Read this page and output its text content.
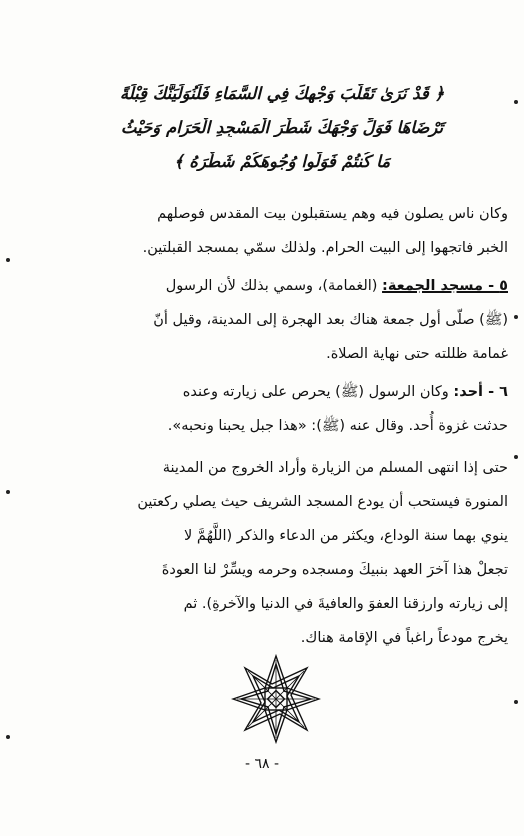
﴿ قَدْ نَرَىٰ تَقَلُّبَ وَجْهِكَ فِي السَّمَاءِ فَلَنُوَلِّيَنَّكَ قِبْلَةً
تَرْضَاهَا فَوَلِّ وَجْهَكَ شَطْرَ الْمَسْجِدِ الْحَرَامِ وَحَيْثُ
مَا كُنتُمْ فَوَلُّوا وُجُوهَكُمْ شَطْرَهُ ﴾
وكان ناس يصلون فيه وهم يستقبلون بيت المقدس فوصلهم
الخبر فاتجهوا إلى البيت الحرام. ولذلك سمّي بمسجد القبلتين.
٥ - مسجد الجمعة: (الغمامة)، وسمي بذلك لأن الرسول
(ﷺ) صلّى أول جمعة هناك بعد الهجرة إلى المدينة، وقيل أنّ
غمامة ظللته حتى نهاية الصلاة.
٦ - أحد: وكان الرسول (ﷺ) يحرص على زيارته وعنده
حدثت غزوة أُحد. وقال عنه (ﷺ): «هذا جبل يحبنا ونحبه».
حتى إذا انتهى المسلم من الزيارة وأراد الخروج من المدينة
المنورة فيستحب أن يودع المسجد الشريف حيث يصلي ركعتين
ينوي بهما سنة الوداع، ويكثر من الدعاء والذكر (اللَّهُمَّ لا
تجعلْ هذا آخرَ العهد بنبيكَ ومسجده وحرمه ويسِّرْ لنا العودةَ
إلى زيارته وارزقنا العفوَ والعافيةَ في الدنيا والآخرةِ). ثم
يخرج مودعاً راغباً في الإقامة هناك.
- ٦٨ -
